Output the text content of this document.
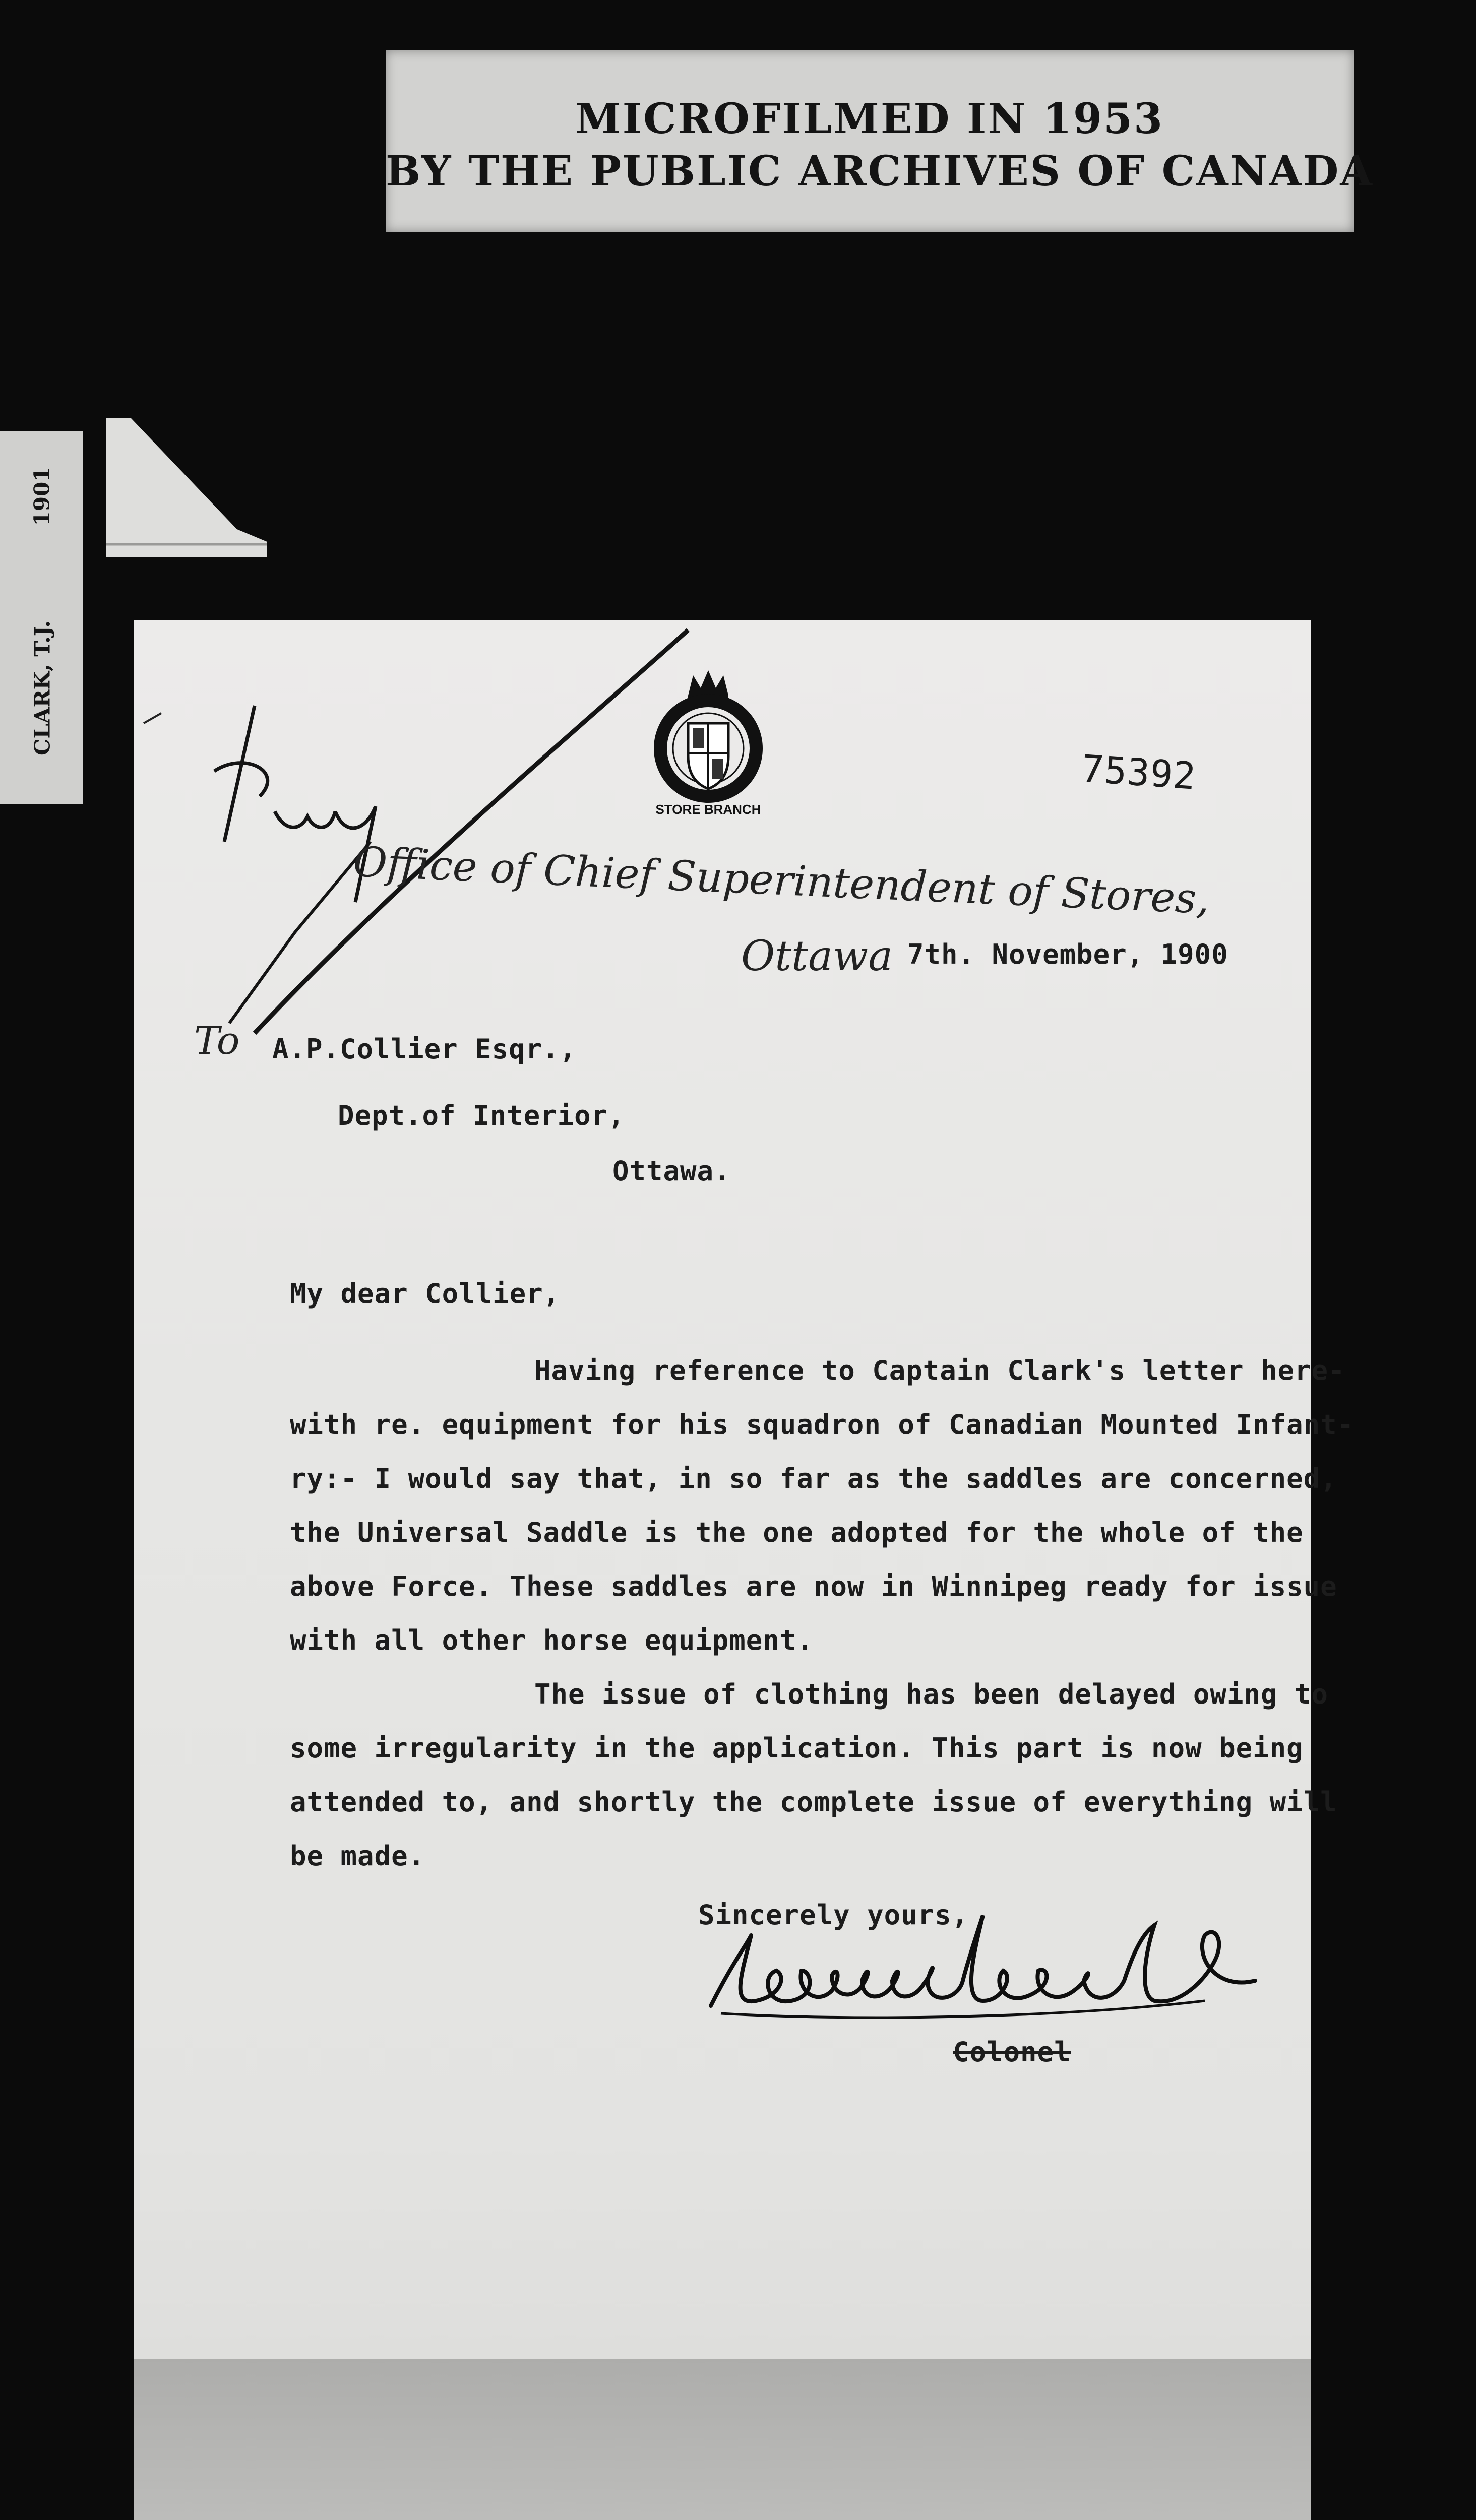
MICROFILMED IN 1953
BY THE PUBLIC ARCHIVES OF CANADA
1901
CLARK, T.J.
STORE BRANCH
75392
Office of Chief Superintendent of Stores,
Ottawa 7th. November, 1900
To A.P.Collier Esqr.,
Dept.of Interior,
Ottawa.
My dear Collier,
Having reference to Captain Clark's letter here-
with re. equipment for his squadron of Canadian Mounted Infant-
ry:- I would say that, in so far as the saddles are concerned,
the Universal Saddle is the one adopted for the whole of the
above Force. These saddles are now in Winnipeg ready for issue
with all other horse equipment.
The issue of clothing has been delayed owing to
some irregularity in the application. This part is now being
attended to, and shortly the complete issue of everything will
be made.
Sincerely yours,
Colonel
